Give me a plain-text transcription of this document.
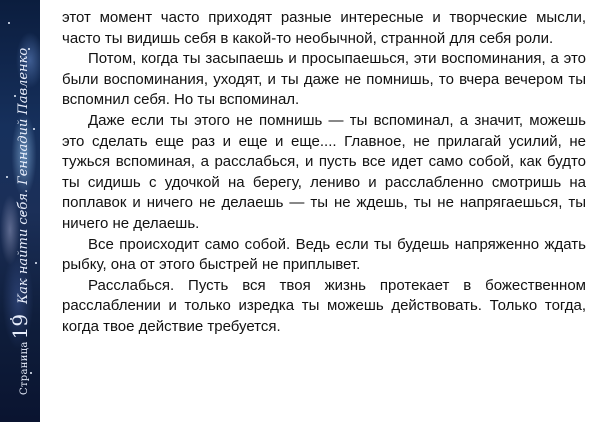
Страница
19
Как найти себя. Геннадий Павленко

этот момент часто приходят разные интересные и творческие мысли, часто ты видишь себя в какой-то необычной, странной для себя роли.

Потом, когда ты засыпаешь и просыпаешься, эти воспоминания, а это были воспоминания, уходят, и ты даже не помнишь, то вчера вечером ты вспомнил себя. Но ты вспоминал.

Даже если ты этого не помнишь — ты вспоминал, а значит, можешь это сделать еще раз и еще и еще.... Главное, не прилагай усилий, не тужься вспоминая, а расслабься, и пусть все идет само собой, как будто ты сидишь с удочкой на берегу, лениво и расслабленно смотришь на поплавок и ничего не делаешь — ты не ждешь, ты не напрягаешься, ты ничего не делаешь.

Все происходит само собой. Ведь если ты будешь напряженно ждать рыбку, она от этого быстрей не приплывет.

Расслабься. Пусть вся твоя жизнь протекает в божественном расслаблении и только изредка ты можешь действовать. Только тогда, когда твое действие требуется.
